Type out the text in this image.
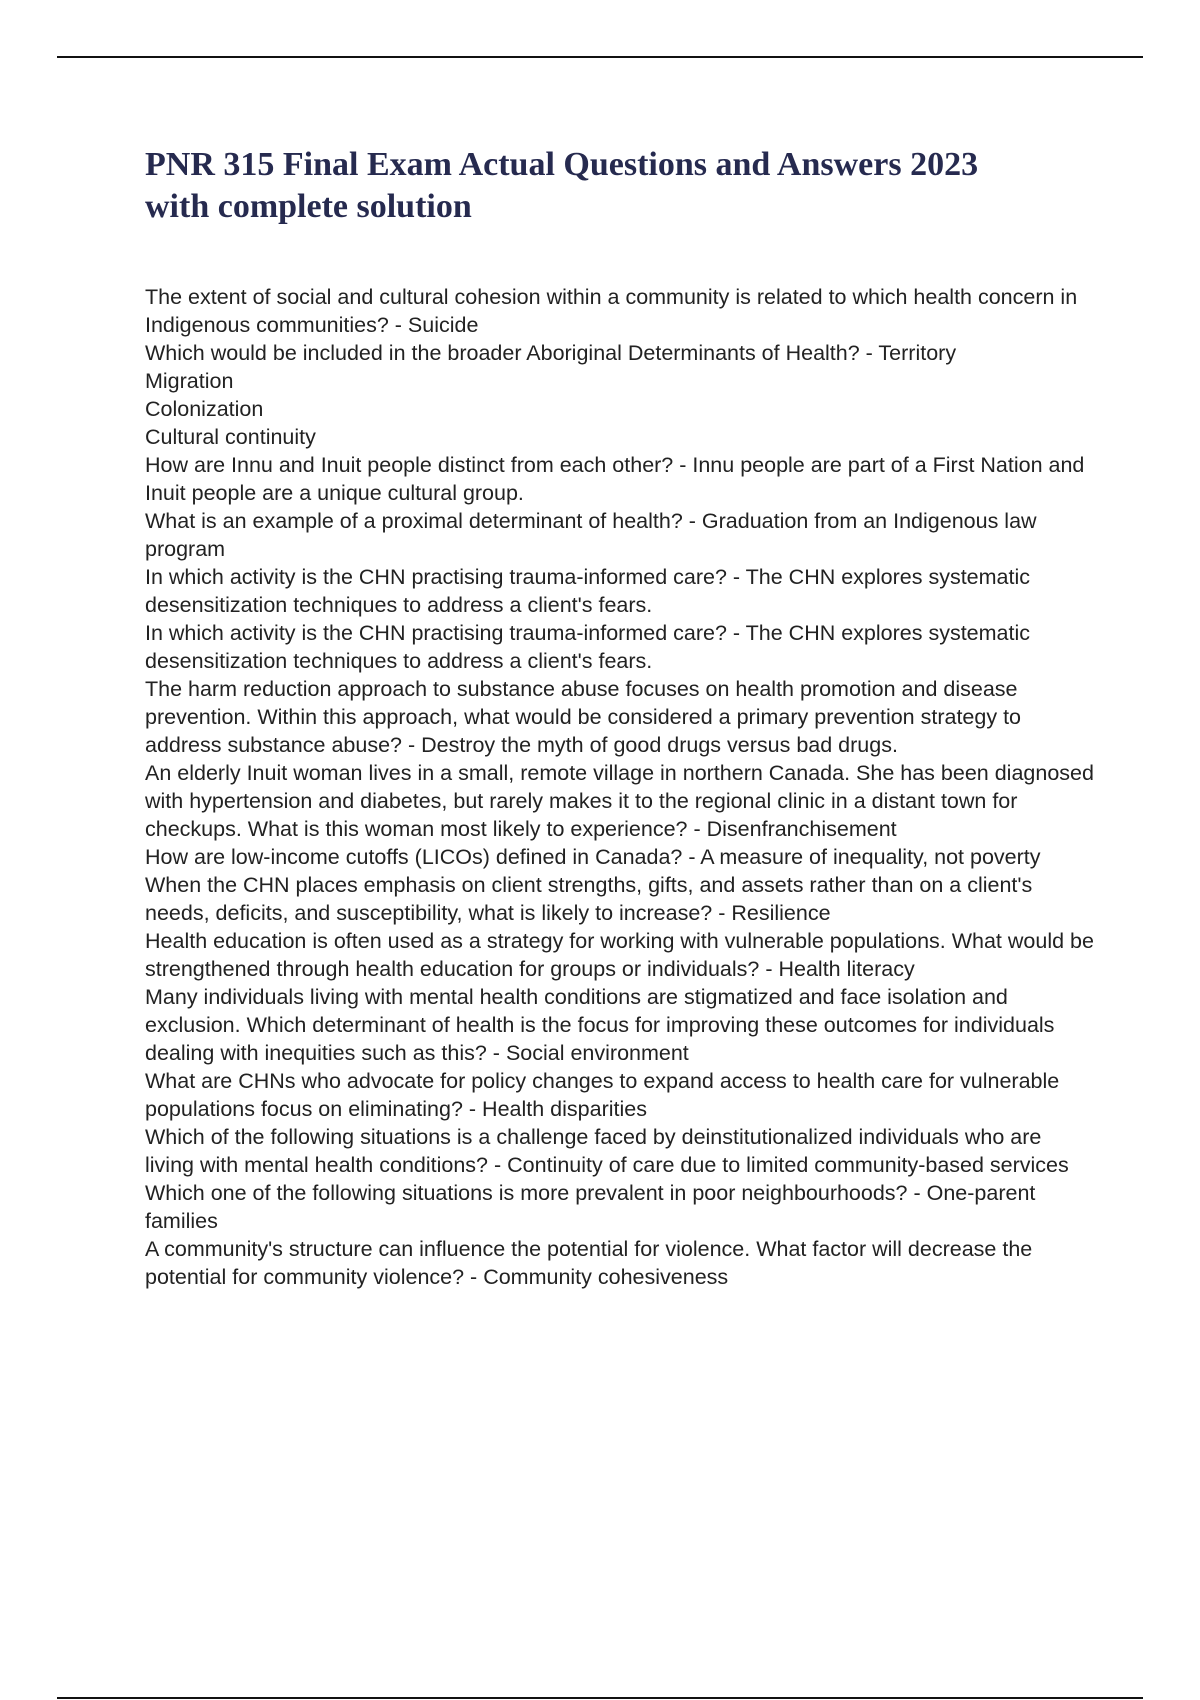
PNR 315 Final Exam Actual Questions and Answers 2023
with complete solution
The extent of social and cultural cohesion within a community is related to which health concern in Indigenous communities? - Suicide
Which would be included in the broader Aboriginal Determinants of Health? - Territory
Migration
Colonization
Cultural continuity
How are Innu and Inuit people distinct from each other? - Innu people are part of a First Nation and Inuit people are a unique cultural group.
What is an example of a proximal determinant of health? - Graduation from an Indigenous law program
In which activity is the CHN practising trauma-informed care? - The CHN explores systematic desensitization techniques to address a client's fears.
In which activity is the CHN practising trauma-informed care? - The CHN explores systematic desensitization techniques to address a client's fears.
The harm reduction approach to substance abuse focuses on health promotion and disease prevention. Within this approach, what would be considered a primary prevention strategy to address substance abuse? - Destroy the myth of good drugs versus bad drugs.
An elderly Inuit woman lives in a small, remote village in northern Canada. She has been diagnosed with hypertension and diabetes, but rarely makes it to the regional clinic in a distant town for checkups. What is this woman most likely to experience? - Disenfranchisement
How are low-income cutoffs (LICOs) defined in Canada? - A measure of inequality, not poverty
When the CHN places emphasis on client strengths, gifts, and assets rather than on a client's needs, deficits, and susceptibility, what is likely to increase? - Resilience
Health education is often used as a strategy for working with vulnerable populations. What would be strengthened through health education for groups or individuals? - Health literacy
Many individuals living with mental health conditions are stigmatized and face isolation and exclusion. Which determinant of health is the focus for improving these outcomes for individuals dealing with inequities such as this? - Social environment
What are CHNs who advocate for policy changes to expand access to health care for vulnerable populations focus on eliminating? - Health disparities
Which of the following situations is a challenge faced by deinstitutionalized individuals who are living with mental health conditions? - Continuity of care due to limited community-based services
Which one of the following situations is more prevalent in poor neighbourhoods? - One-parent families
A community's structure can influence the potential for violence. What factor will decrease the potential for community violence? - Community cohesiveness
